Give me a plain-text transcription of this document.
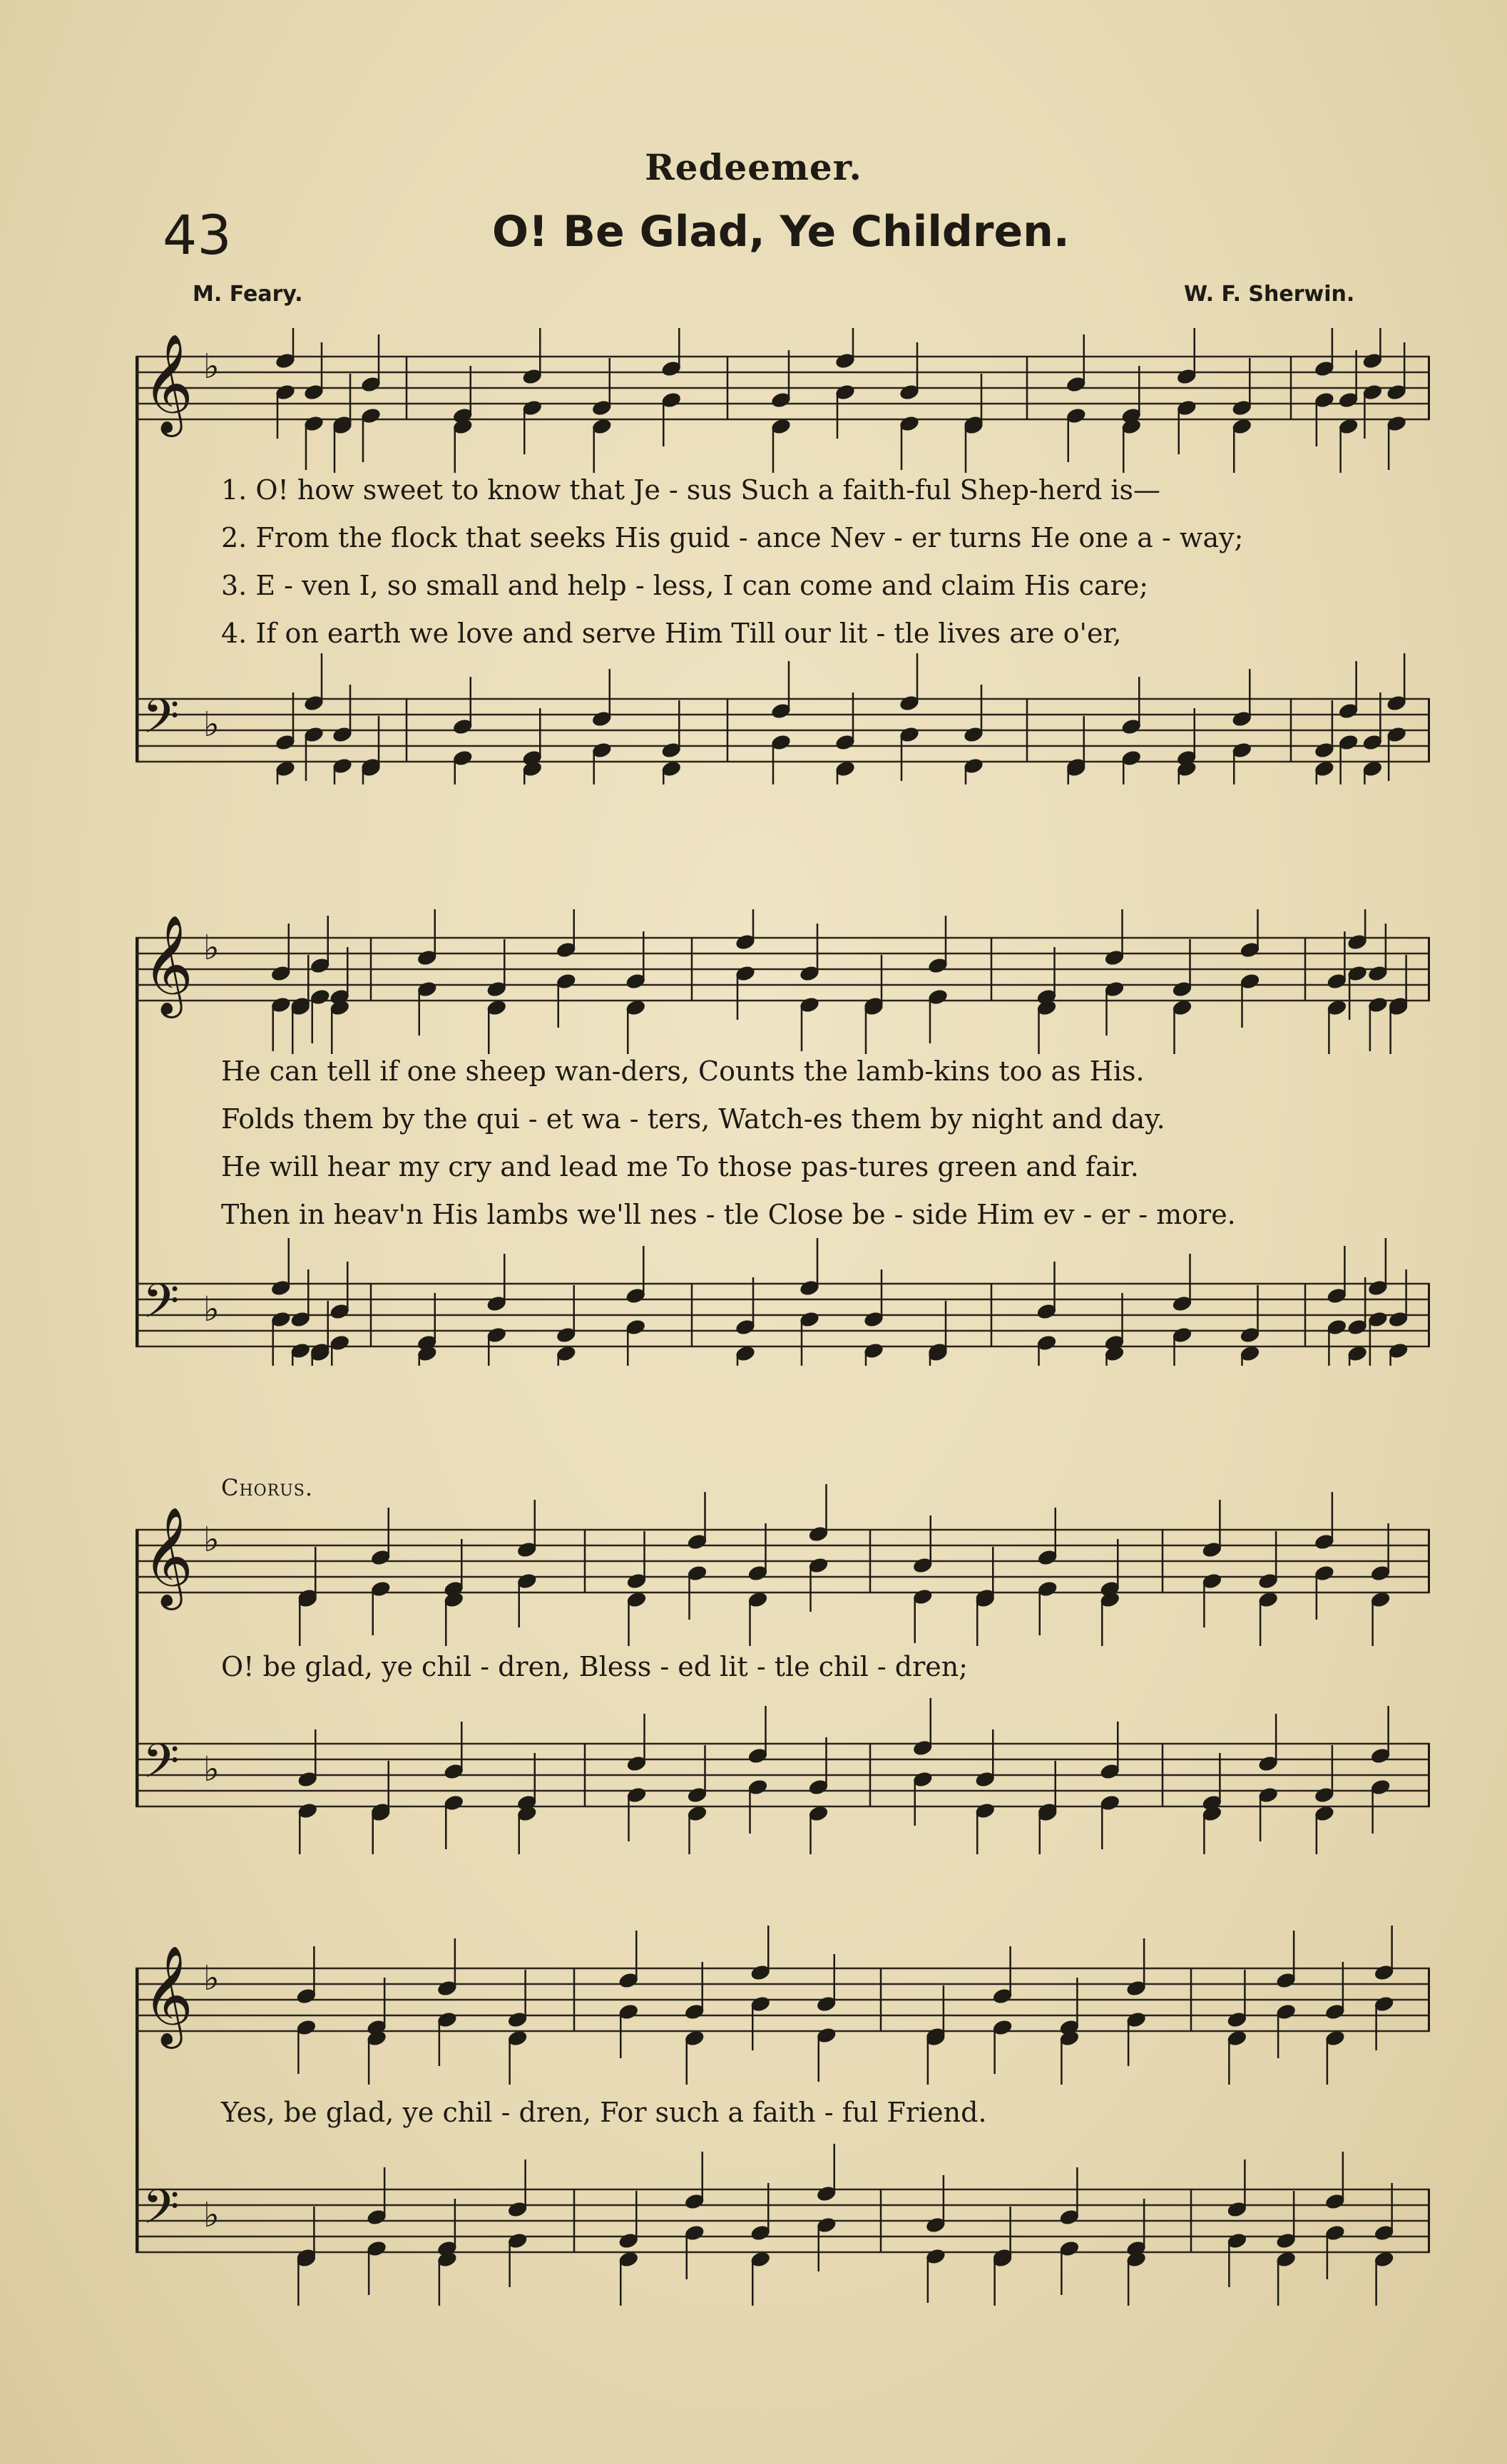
Redeemer.
43	O! Be Glad, Ye Children.
M. Feary.	W. F. Sherwin.
𝄞 ♭
𝄢 ♭
1. O! how sweet to know that Je - sus Such a faith-ful Shep-herd is—
2. From the flock that seeks His guid - ance Nev - er turns He one a - way;
3. E - ven I, so small and help - less, I can come and claim His care;
4. If on earth we love and serve Him Till our lit - tle lives are o'er,
𝄞 ♭
𝄢 ♭
He can tell if one sheep wan-ders, Counts the lamb-kins too as His.
Folds them by the qui - et wa - ters, Watch-es them by night and day.
He will hear my cry and lead me To those pas-tures green and fair.
Then in heav'n His lambs we'll nes - tle Close be - side Him ev - er - more.
Chorus.
𝄞 ♭
𝄢 ♭
O! be glad, ye chil - dren, Bless - ed lit - tle chil - dren;
𝄞 ♭
𝄢 ♭
Yes, be glad, ye chil - dren, For such a faith - ful Friend.
